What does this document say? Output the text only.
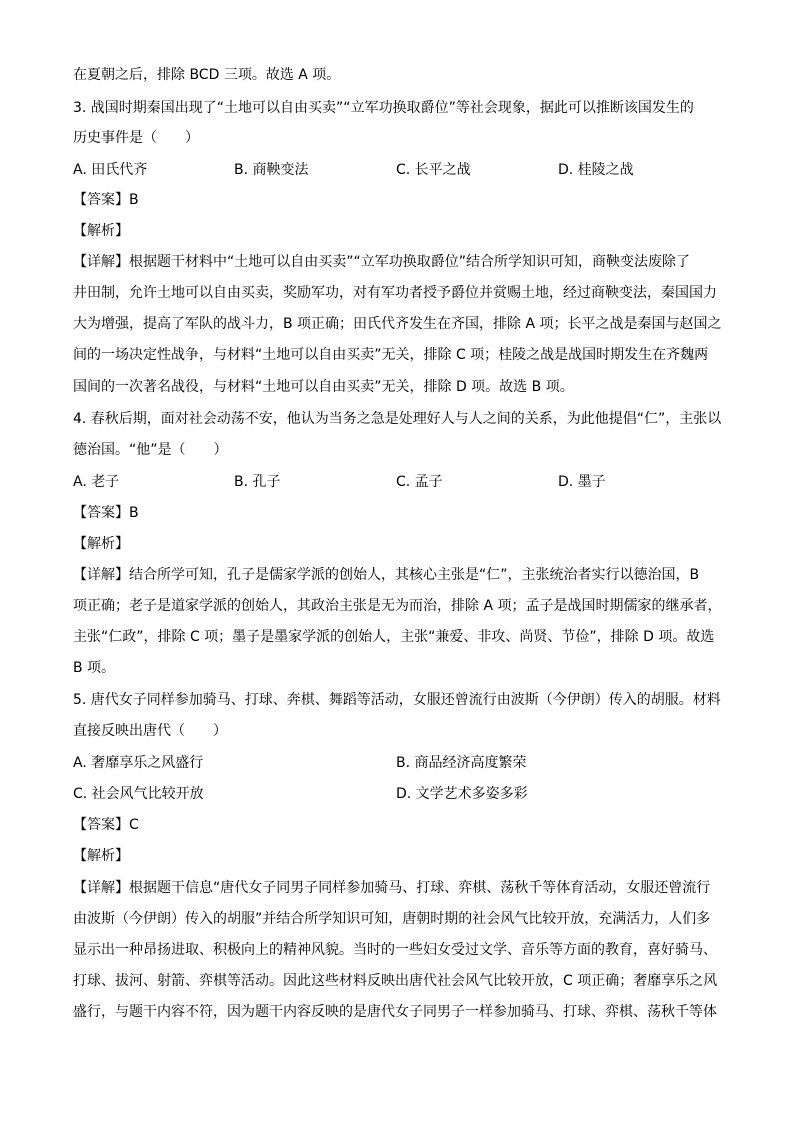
在夏朝之后，排除 BCD 三项。故选 A 项。
3. 战国时期秦国出现了“土地可以自由买卖”“立军功换取爵位”等社会现象，据此可以推断该国发生的
历史事件是（　　）
A. 田氏代齐	B. 商鞅变法	C. 长平之战	D. 桂陵之战
【答案】B
【解析】
【详解】根据题干材料中“土地可以自由买卖”“立军功换取爵位”结合所学知识可知，商鞅变法废除了
井田制，允许土地可以自由买卖，奖励军功，对有军功者授予爵位并赏赐土地，经过商鞅变法，秦国国力
大为增强，提高了军队的战斗力，B 项正确；田氏代齐发生在齐国，排除 A 项；长平之战是秦国与赵国之
间的一场决定性战争，与材料“土地可以自由买卖”无关，排除 C 项；桂陵之战是战国时期发生在齐魏两
国间的一次著名战役，与材料“土地可以自由买卖”无关，排除 D 项。故选 B 项。
4. 春秋后期，面对社会动荡不安，他认为当务之急是处理好人与人之间的关系，为此他提倡“仁”，主张以
德治国。“他”是（　　）
A. 老子	B. 孔子	C. 孟子	D. 墨子
【答案】B
【解析】
【详解】结合所学可知，孔子是儒家学派的创始人，其核心主张是“仁”，主张统治者实行以德治国，B
项正确；老子是道家学派的创始人，其政治主张是无为而治，排除 A 项；孟子是战国时期儒家的继承者，
主张“仁政”，排除 C 项；墨子是墨家学派的创始人，主张“兼爱、非攻、尚贤、节俭”，排除 D 项。故选
B 项。
5. 唐代女子同样参加骑马、打球、奔棋、舞蹈等活动，女服还曾流行由波斯（今伊朗）传入的胡服。材料
直接反映出唐代（　　）
A. 奢靡享乐之风盛行	B. 商品经济高度繁荣
C. 社会风气比较开放	D. 文学艺术多姿多彩
【答案】C
【解析】
【详解】根据题干信息“唐代女子同男子同样参加骑马、打球、弈棋、荡秋千等体育活动，女服还曾流行
由波斯（今伊朗）传入的胡服”并结合所学知识可知，唐朝时期的社会风气比较开放，充满活力，人们多
显示出一种昂扬进取、积极向上的精神风貌。当时的一些妇女受过文学、音乐等方面的教育，喜好骑马、
打球、拔河、射箭、弈棋等活动。因此这些材料反映出唐代社会风气比较开放，C 项正确；奢靡享乐之风
盛行，与题干内容不符，因为题干内容反映的是唐代女子同男子一样参加骑马、打球、弈棋、荡秋千等体
